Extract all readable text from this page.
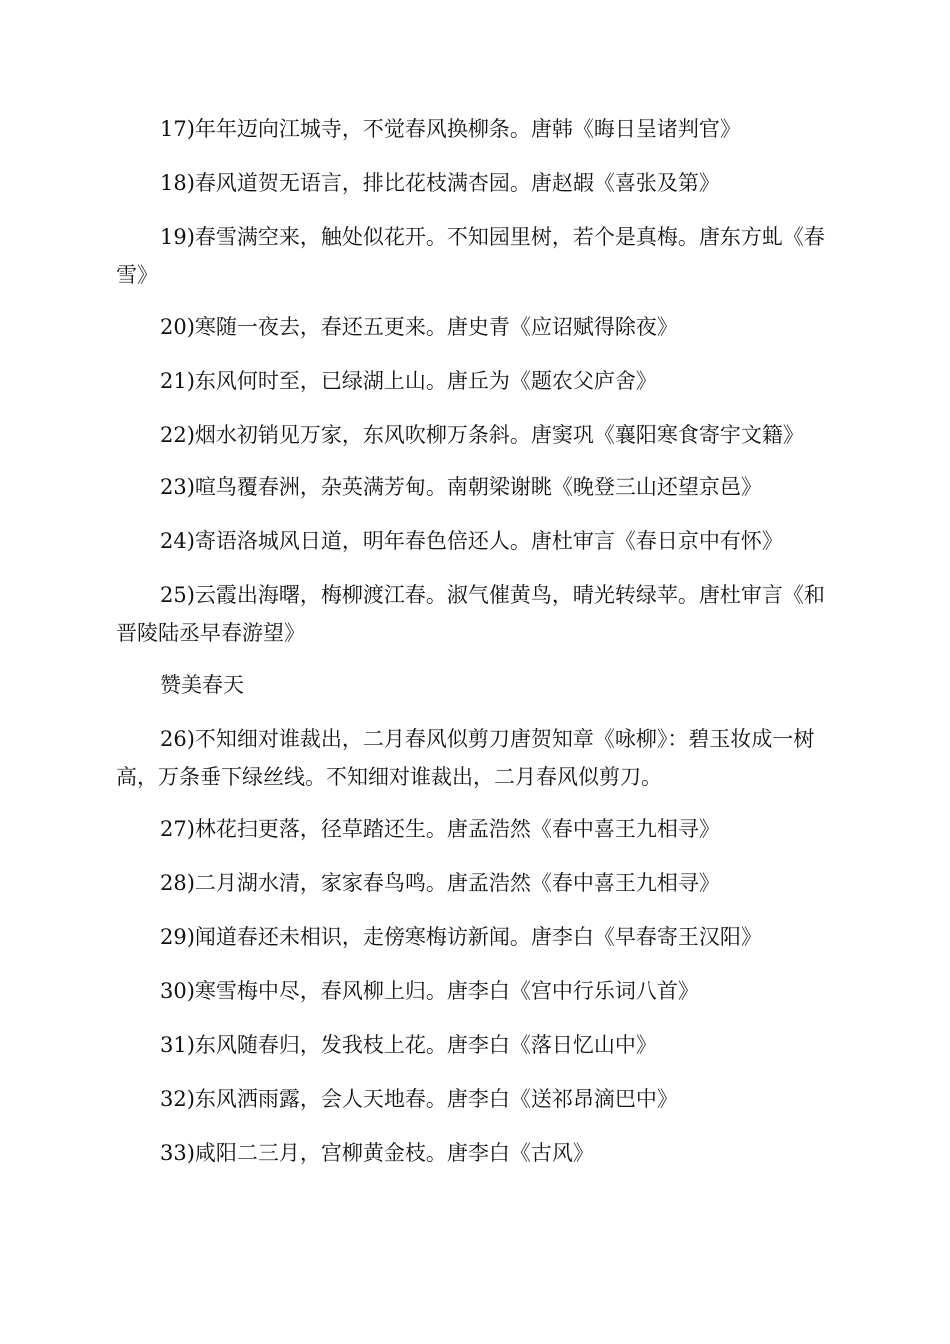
17)年年迈向江城寺，不觉春风换柳条。唐韩《晦日呈诸判官》

18)春风道贺无语言，排比花枝满杏园。唐赵嘏《喜张及第》

19)春雪满空来，触处似花开。不知园里树，若个是真梅。唐东方虬《春雪》

20)寒随一夜去，春还五更来。唐史青《应诏赋得除夜》

21)东风何时至，已绿湖上山。唐丘为《题农父庐舍》

22)烟水初销见万家，东风吹柳万条斜。唐窦巩《襄阳寒食寄宇文籍》

23)喧鸟覆春洲，杂英满芳甸。南朝梁谢眺《晚登三山还望京邑》

24)寄语洛城风日道，明年春色倍还人。唐杜审言《春日京中有怀》

25)云霞出海曙，梅柳渡江春。淑气催黄鸟，晴光转绿苹。唐杜审言《和晋陵陆丞早春游望》

赞美春天

26)不知细对谁裁出，二月春风似剪刀唐贺知章《咏柳》：碧玉妆成一树高，万条垂下绿丝线。不知细对谁裁出，二月春风似剪刀。

27)林花扫更落，径草踏还生。唐孟浩然《春中喜王九相寻》

28)二月湖水清，家家春鸟鸣。唐孟浩然《春中喜王九相寻》

29)闻道春还未相识，走傍寒梅访新闻。唐李白《早春寄王汉阳》

30)寒雪梅中尽，春风柳上归。唐李白《宫中行乐词八首》

31)东风随春归，发我枝上花。唐李白《落日忆山中》

32)东风洒雨露，会人天地春。唐李白《送祁昂滴巴中》

33)咸阳二三月，宫柳黄金枝。唐李白《古风》
